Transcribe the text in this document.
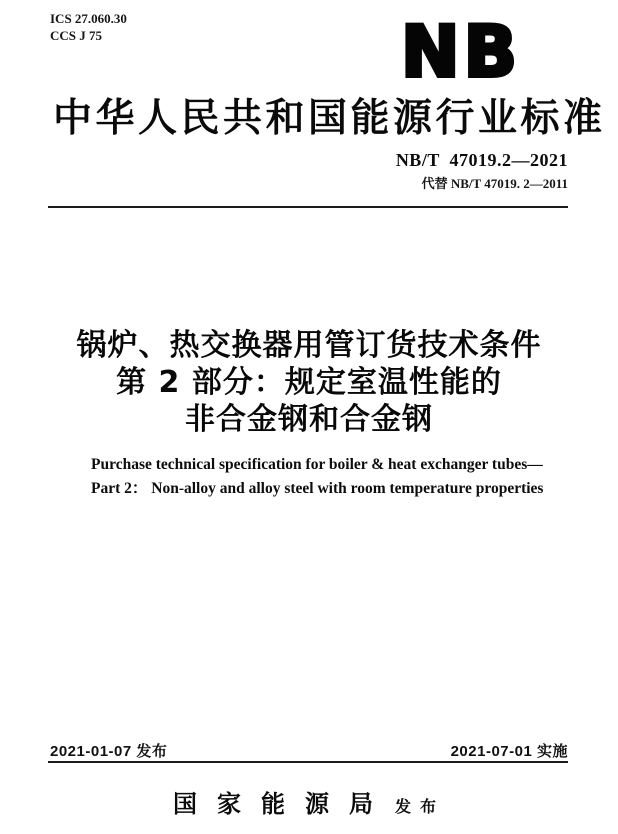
ICS 27.060.30
CCS J 75	NB
中华人民共和国能源行业标准
NB/T 47019.2—2021
代替 NB/T 47019. 2—2011
锅炉、热交换器用管订货技术条件
第 2 部分：规定室温性能的
非合金钢和合金钢
Purchase technical specification for boiler & heat exchanger tubes—
Part 2： Non-alloy and alloy steel with room temperature properties
2021-01-07 发布	2021-07-01 实施
国家能源局 发布
